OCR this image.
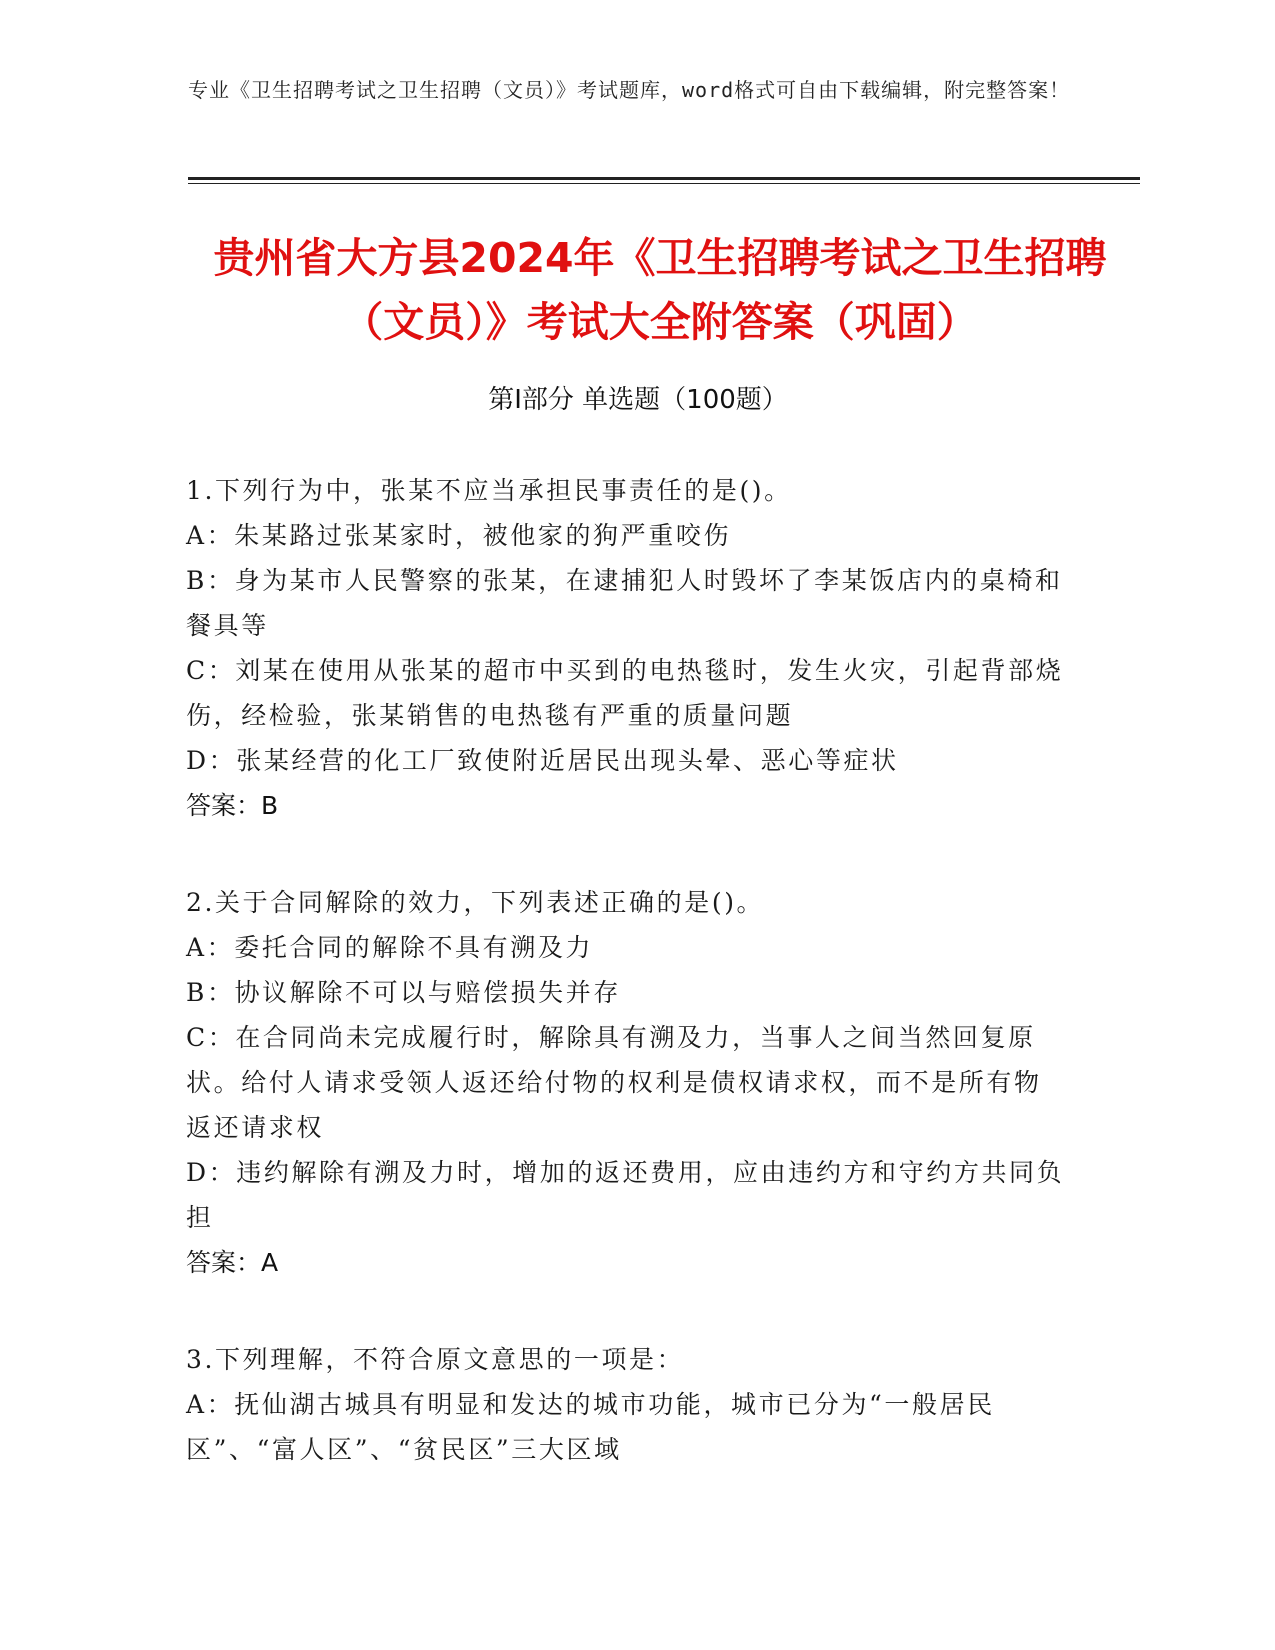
专业《卫生招聘考试之卫生招聘（文员）》考试题库，word格式可自由下载编辑，附完整答案！
贵州省大方县2024年《卫生招聘考试之卫生招聘（文员）》考试大全附答案（巩固）
第Ⅰ部分 单选题（100题）
1.下列行为中，张某不应当承担民事责任的是()。
A：朱某路过张某家时，被他家的狗严重咬伤
B：身为某市人民警察的张某，在逮捕犯人时毁坏了李某饭店内的桌椅和餐具等
C：刘某在使用从张某的超市中买到的电热毯时，发生火灾，引起背部烧伤，经检验，张某销售的电热毯有严重的质量问题
D：张某经营的化工厂致使附近居民出现头晕、恶心等症状
答案：B
2.关于合同解除的效力，下列表述正确的是()。
A：委托合同的解除不具有溯及力
B：协议解除不可以与赔偿损失并存
C：在合同尚未完成履行时，解除具有溯及力，当事人之间当然回复原状。给付人请求受领人返还给付物的权利是债权请求权，而不是所有物返还请求权
D：违约解除有溯及力时，增加的返还费用，应由违约方和守约方共同负担
答案：A
3.下列理解，不符合原文意思的一项是：
A：抚仙湖古城具有明显和发达的城市功能，城市已分为“一般居民区”、“富人区”、“贫民区”三大区域
